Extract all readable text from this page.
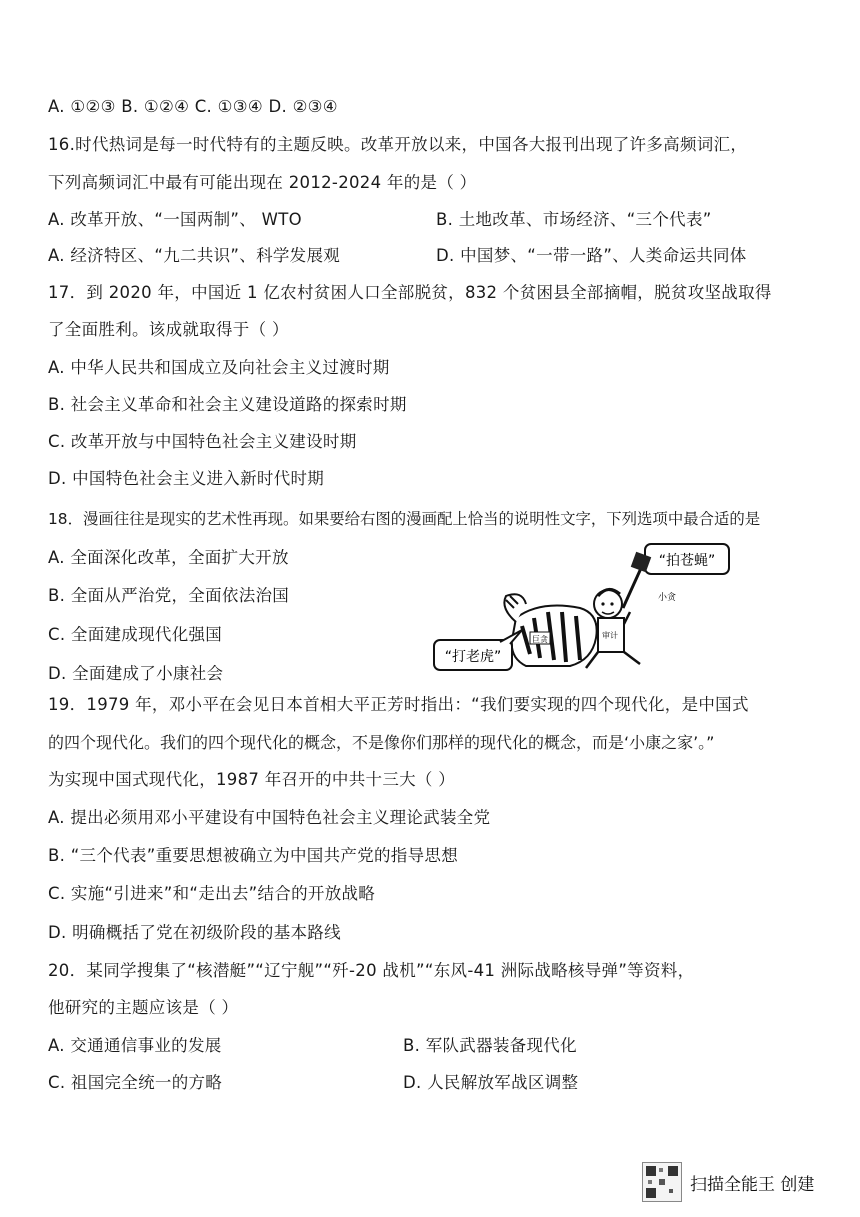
A. ①②③ B. ①②④ C. ①③④ D. ②③④
16.时代热词是每一时代特有的主题反映。改革开放以来，中国各大报刊出现了许多高频词汇，
下列高频词汇中最有可能出现在 2012-2024 年的是（ ）
A. 改革开放、“一国两制”、 WTO	B. 土地改革、市场经济、“三个代表”
A. 经济特区、“九二共识”、科学发展观	D. 中国梦、“一带一路”、人类命运共同体
17．到 2020 年，中国近 1 亿农村贫困人口全部脱贫，832 个贫困县全部摘帽，脱贫攻坚战取得
了全面胜利。该成就取得于（ ）
A. 中华人民共和国成立及向社会主义过渡时期
B. 社会主义革命和社会主义建设道路的探索时期
C. 改革开放与中国特色社会主义建设时期
D. 中国特色社会主义进入新时代时期
18．漫画往往是现实的艺术性再现。如果要给右图的漫画配上恰当的说明性文字，下列选项中最合适的是
A. 全面深化改革，全面扩大开放
B. 全面从严治党，全面依法治国
C. 全面建成现代化强国
D. 全面建成了小康社会
“拍苍蝇”
小贪
审计
巨贪
“打老虎”
19．1979 年，邓小平在会见日本首相大平正芳时指出：“我们要实现的四个现代化，是中国式
的四个现代化。我们的四个现代化的概念，不是像你们那样的现代化的概念，而是‘小康之家’。”
为实现中国式现代化，1987 年召开的中共十三大（ ）
A. 提出必须用邓小平建设有中国特色社会主义理论武装全党
B. “三个代表”重要思想被确立为中国共产党的指导思想
C. 实施“引进来”和“走出去”结合的开放战略
D. 明确概括了党在初级阶段的基本路线
20．某同学搜集了“核潜艇”“辽宁舰”“歼-20 战机”“东风-41 洲际战略核导弹”等资料，
他研究的主题应该是（ ）
A. 交通通信事业的发展	B. 军队武器装备现代化
C. 祖国完全统一的方略	D. 人民解放军战区调整
扫描全能王 创建
